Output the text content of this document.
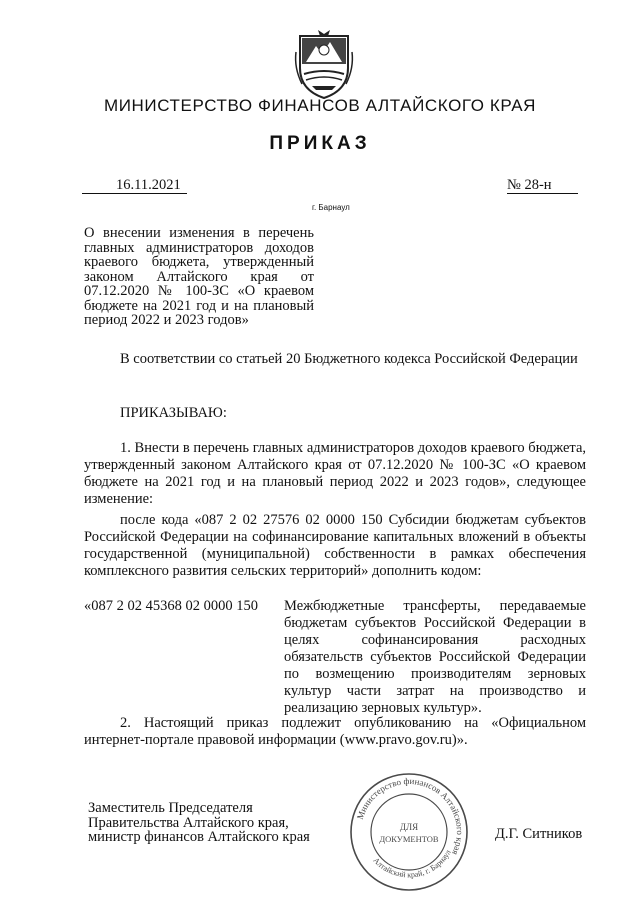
МИНИСТЕРСТВО ФИНАНСОВ АЛТАЙСКОГО КРАЯ
ПРИКАЗ
16.11.2021	№ 28-н
г. Барнаул
О внесении изменения в перечень главных администраторов доходов краевого бюджета, утвержденный законом Алтайского края от 07.12.2020 № 100-ЗС «О краевом бюджете на 2021 год и на плановый период 2022 и 2023 годов»
В соответствии со статьей 20 Бюджетного кодекса Российской Федерации
ПРИКАЗЫВАЮ:
1. Внести в перечень главных администраторов доходов краевого бюджета, утвержденный законом Алтайского края от 07.12.2020 № 100-ЗС «О краевом бюджете на 2021 год и на плановый период 2022 и 2023 годов», следующее изменение:
после кода «087 2 02 27576 02 0000 150 Субсидии бюджетам субъектов Российской Федерации на софинансирование капитальных вложений в объекты государственной (муниципальной) собственности в рамках обеспечения комплексного развития сельских территорий» дополнить кодом:
«087 2 02 45368 02 0000 150 Межбюджетные трансферты, передаваемые бюджетам субъектов Российской Федерации в целях софинансирования расходных обязательств субъектов Российской Федерации по возмещению производителям зерновых культур части затрат на производство и реализацию зерновых культур».
2. Настоящий приказ подлежит опубликованию на «Официальном интернет-портале правовой информации (www.pravo.gov.ru)».
Заместитель Председателя
Правительства Алтайского края,
министр финансов Алтайского края	Д.Г. Ситников
Министерство финансов Алтайского края
Алтайский край, г. Барнаул
ДЛЯ
ДОКУМЕНТОВ
